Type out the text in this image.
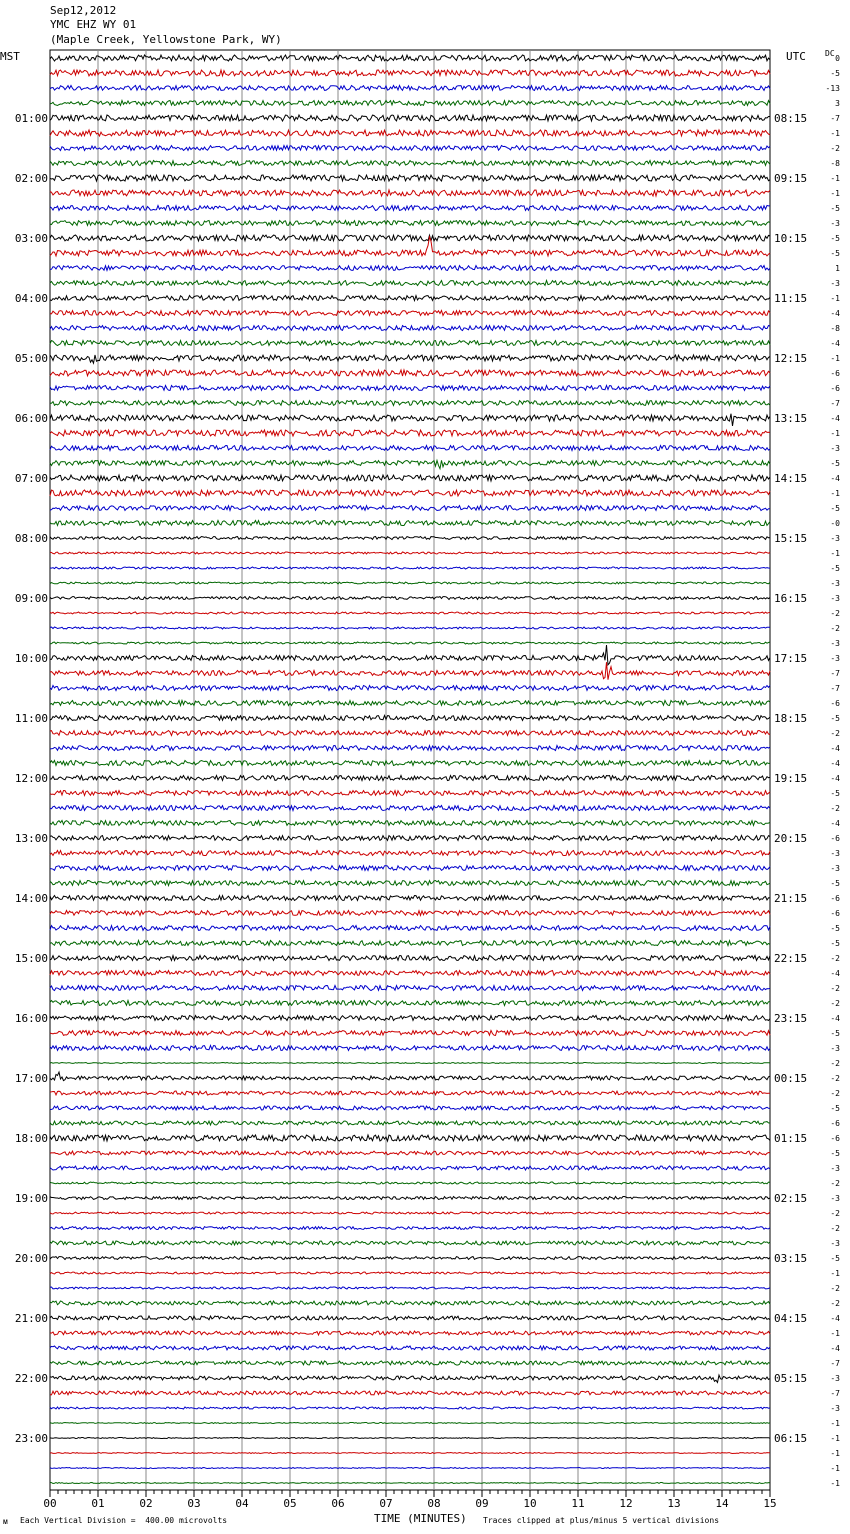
Sep12,2012
YMC EHZ WY 01
(Maple Creek, Yellowstone Park, WY)
MST	UTC DC
0
-5
-13
3
-7
-1
-2
-8
-1
-1
-5
-3
-5
-5
1
-3
-1
-4
-8
-4
-1
-6
-6
-7
-4
-1
-3
-5
-4
-1
-5
-0
-3
-1
-5
-3
-3
-2
-2
-3
-3
-7
-7
-6
-5
-2
-4
-4
-4
-5
-2
-4
-6
-3
-3
-5
-6
-6
-5
-5
-2
-4
-2
-2
-4
-5
-3
-2
-2
-2
-5
-6
-6
-5
-3
-2
-3
-2
-2
-3
-5
-1
-2
-2
-4
-1
-4
-7
-3
-7
-3
-1
-1
-1
-1
-1
01:00
02:00
03:00
04:00
05:00
06:00
07:00
08:00
09:00
10:00
11:00
12:00
13:00
14:00
15:00
16:00
17:00
18:00
19:00
20:00
21:00
22:00
23:00
08:15
09:15
10:15
11:15
12:15
13:15
14:15
15:15
16:15
17:15
18:15
19:15
20:15
21:15
22:15
23:15
00:15
01:15
02:15
03:15
04:15
05:15
06:15
00	01	02	03	04	05	06	07	08	09	10	11	12	13	14	15
ᴍ Each Vertical Division =  400.00 microvolts	TIME (MINUTES) Traces clipped at plus/minus 5 vertical divisions
